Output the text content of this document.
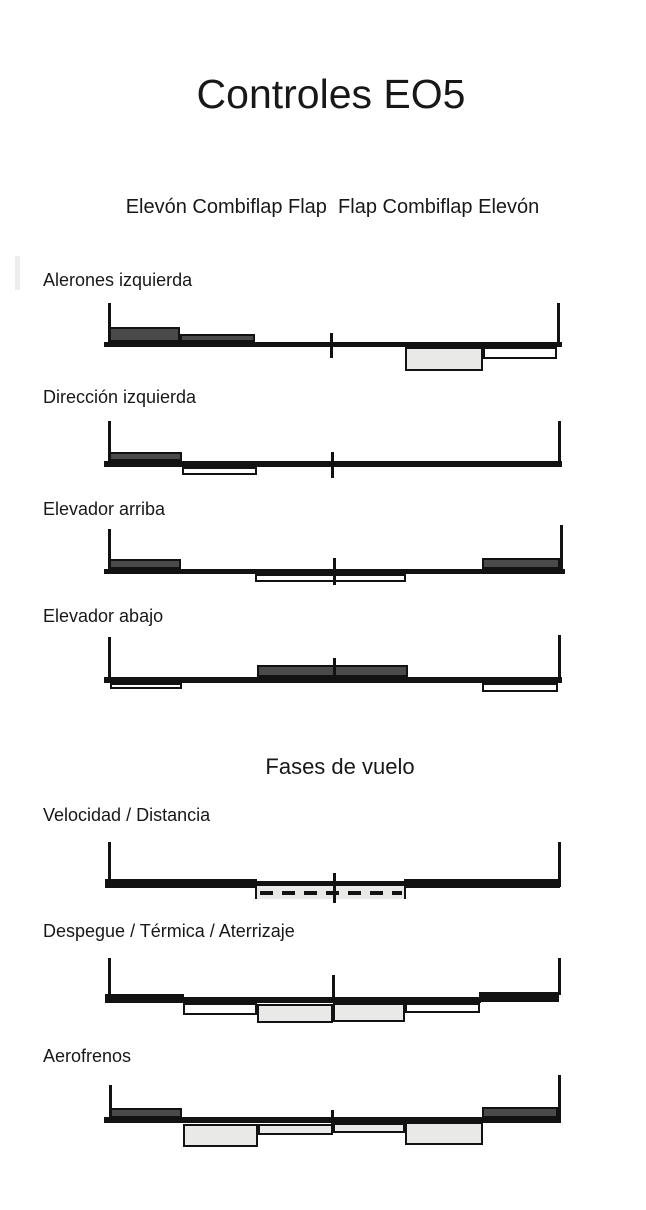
Controles EO5
Elevón Combiflap Flap  Flap Combiflap Elevón
Fases de vuelo
Alerones izquierda
Dirección izquierda
Elevador arriba
Elevador abajo
Velocidad / Distancia
Despegue / Térmica / Aterrizaje
Aerofrenos
